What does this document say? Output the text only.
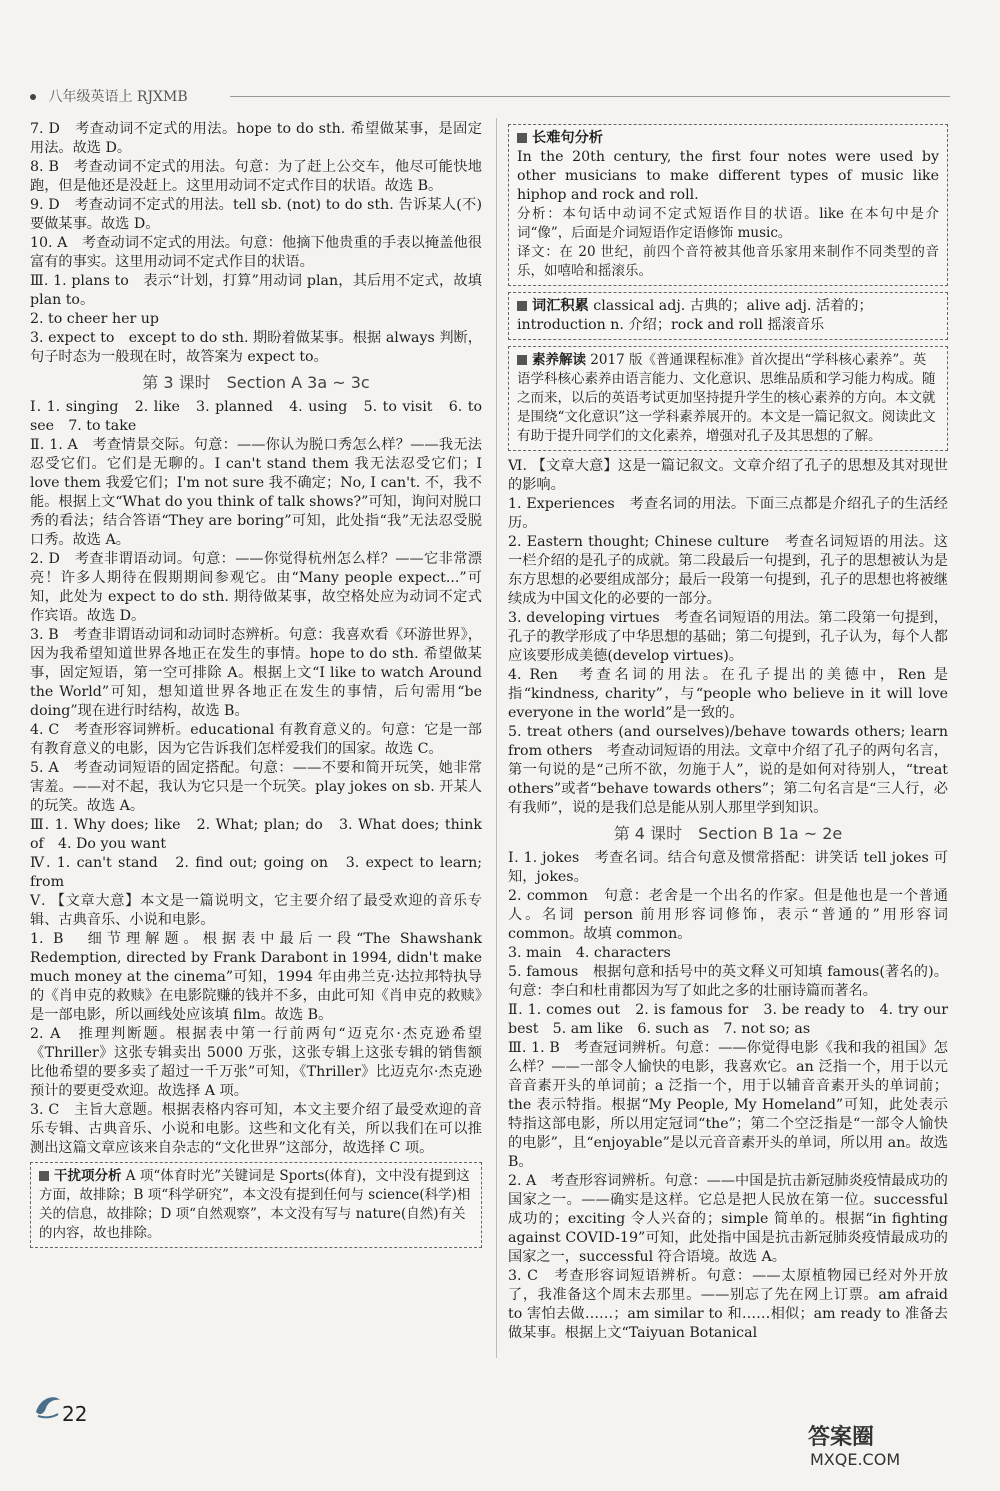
八年级英语上 RJXMB

7. D　考查动词不定式的用法。hope to do sth. 希望做某事，是固定用法。故选 D。

8. B　考查动词不定式的用法。句意：为了赶上公交车，他尽可能快地跑，但是他还是没赶上。这里用动词不定式作目的状语。故选 B。

9. D　考查动词不定式的用法。tell sb. (not) to do sth. 告诉某人(不)要做某事。故选 D。

10. A　考查动词不定式的用法。句意：他摘下他贵重的手表以掩盖他很富有的事实。这里用动词不定式作目的状语。

Ⅲ. 1. plans to　表示“计划，打算”用动词 plan，其后用不定式，故填 plan to。

2. to cheer her up

3. expect to　except to do sth. 期盼着做某事。根据 always 判断，句子时态为一般现在时，故答案为 expect to。

第 3 课时　Section A 3a ~ 3c

Ⅰ. 1. singing　2. like　3. planned　4. using　5. to visit　6. to see　7. to take

Ⅱ. 1. A　考查情景交际。句意：——你认为脱口秀怎么样？——我无法忍受它们。它们是无聊的。I can't stand them 我无法忍受它们；I love them 我爱它们；I'm not sure 我不确定；No, I can't. 不，我不能。根据上文“What do you think of talk shows?”可知，询问对脱口秀的看法；结合答语“They are boring”可知，此处指“我”无法忍受脱口秀。故选 A。

2. D　考查非谓语动词。句意：——你觉得杭州怎么样？——它非常漂亮！许多人期待在假期期间参观它。由“Many people expect...”可知，此处为 expect to do sth. 期待做某事，故空格处应为动词不定式作宾语。故选 D。

3. B　考查非谓语动词和动词时态辨析。句意：我喜欢看《环游世界》，因为我希望知道世界各地正在发生的事情。hope to do sth. 希望做某事，固定短语，第一空可排除 A。根据上文“I like to watch Around the World”可知，想知道世界各地正在发生的事情，后句需用“be doing”现在进行时结构，故选 B。

4. C　考查形容词辨析。educational 有教育意义的。句意：它是一部有教育意义的电影，因为它告诉我们怎样爱我们的国家。故选 C。

5. A　考查动词短语的固定搭配。句意：——不要和简开玩笑，她非常害羞。——对不起，我认为它只是一个玩笑。play jokes on sb. 开某人的玩笑。故选 A。

Ⅲ. 1. Why does; like　2. What; plan; do　3. What does; think of　4. Do you want

Ⅳ. 1. can't stand　2. find out; going on　3. expect to learn; from

Ⅴ. 【文章大意】本文是一篇说明文，它主要介绍了最受欢迎的音乐专辑、古典音乐、小说和电影。

1. B　细节理解题。根据表中最后一段“The Shawshank Redemption, directed by Frank Darabont in 1994, didn't make much money at the cinema”可知，1994 年由弗兰克·达拉邦特执导的《肖申克的救赎》在电影院赚的钱并不多，由此可知《肖申克的救赎》是一部电影，所以画线处应该填 film。故选 B。

2. A　推理判断题。根据表中第一行前两句“迈克尔·杰克逊希望《Thriller》这张专辑卖出 5000 万张，这张专辑上这张专辑的销售额比他希望的要多卖了超过一千万张”可知，《Thriller》比迈克尔·杰克逊预计的要更受欢迎。故选择 A 项。

3. C　主旨大意题。根据表格内容可知，本文主要介绍了最受欢迎的音乐专辑、古典音乐、小说和电影。这些和文化有关，所以我们在可以推测出这篇文章应该来自杂志的“文化世界”这部分，故选择 C 项。

干扰项分析 A 项“体育时光”关键词是 Sports(体育)，文中没有提到这方面，故排除；B 项“科学研究”，本文没有提到任何与 science(科学)相关的信息，故排除；D 项“自然观察”，本文没有写与 nature(自然)有关的内容，故也排除。
长难句分析

In the 20th century, the first four notes were used by other musicians to make different types of music like hiphop and rock and roll.

分析：本句话中动词不定式短语作目的状语。like 在本句中是介词“像”，后面是介词短语作定语修饰 music。

译文：在 20 世纪，前四个音符被其他音乐家用来制作不同类型的音乐，如嘻哈和摇滚乐。

词汇积累 classical adj. 古典的；alive adj. 活着的；introduction n. 介绍；rock and roll 摇滚音乐
素养解读 2017 版《普通课程标准》首次提出“学科核心素养”。英语学科核心素养由语言能力、文化意识、思维品质和学习能力构成。随之而来，以后的英语考试更加坚持提升学生的核心素养的方向。本文就是围绕“文化意识”这一学科素养展开的。本文是一篇记叙文。阅读此文有助于提升同学们的文化素养，增强对孔子及其思想的了解。

Ⅵ. 【文章大意】这是一篇记叙文。文章介绍了孔子的思想及其对现世的影响。

1. Experiences　考查名词的用法。下面三点都是介绍孔子的生活经历。

2. Eastern thought; Chinese culture　考查名词短语的用法。这一栏介绍的是孔子的成就。第二段最后一句提到，孔子的思想被认为是东方思想的必要组成部分；最后一段第一句提到，孔子的思想也将被继续成为中国文化的必要的一部分。

3. developing virtues　考查名词短语的用法。第二段第一句提到，孔子的教学形成了中华思想的基础；第二句提到，孔子认为，每个人都应该要形成美德(develop virtues)。

4. Ren　考查名词的用法。在孔子提出的美德中，Ren 是指“kindness, charity”，与“people who believe in it will love everyone in the world”是一致的。

5. treat others (and ourselves)/behave towards others; learn from others　考查动词短语的用法。文章中介绍了孔子的两句名言，第一句说的是“己所不欲，勿施于人”，说的是如何对待别人，“treat others”或者“behave towards others”；第二句名言是“三人行，必有我师”，说的是我们总是能从别人那里学到知识。

第 4 课时　Section B 1a ~ 2e

Ⅰ. 1. jokes　考查名词。结合句意及惯常搭配：讲笑话 tell jokes 可知，jokes。

2. common　句意：老舍是一个出名的作家。但是他也是一个普通人。名词 person 前用形容词修饰，表示“普通的”用形容词 common。故填 common。

3. main　4. characters

5. famous　根据句意和括号中的英文释义可知填 famous(著名的)。句意：李白和杜甫都因为写了如此之多的壮丽诗篇而著名。

Ⅱ. 1. comes out　2. is famous for　3. be ready to　4. try our best　5. am like　6. such as　7. not so; as

Ⅲ. 1. B　考查冠词辨析。句意：——你觉得电影《我和我的祖国》怎么样？——一部令人愉快的电影，我喜欢它。an 泛指一个，用于以元音音素开头的单词前；a 泛指一个，用于以辅音音素开头的单词前；the 表示特指。根据“My People, My Homeland”可知，此处表示特指这部电影，所以用定冠词“the”；第二个空泛指是“一部令人愉快的电影”，且“enjoyable”是以元音音素开头的单词，所以用 an。故选 B。

2. A　考查形容词辨析。句意：——中国是抗击新冠肺炎疫情最成功的国家之一。——确实是这样。它总是把人民放在第一位。successful 成功的；exciting 令人兴奋的；simple 简单的。根据“in fighting against COVID-19”可知，此处指中国是抗击新冠肺炎疫情最成功的国家之一，successful 符合语境。故选 A。

3. C　考查形容词短语辨析。句意：——太原植物园已经对外开放了，我准备这个周末去那里。——别忘了先在网上订票。am afraid to 害怕去做……；am similar to 和……相似；am ready to 准备去做某事。根据上文“Taiyuan Botanical

22
答案圈
MXQE.COM
